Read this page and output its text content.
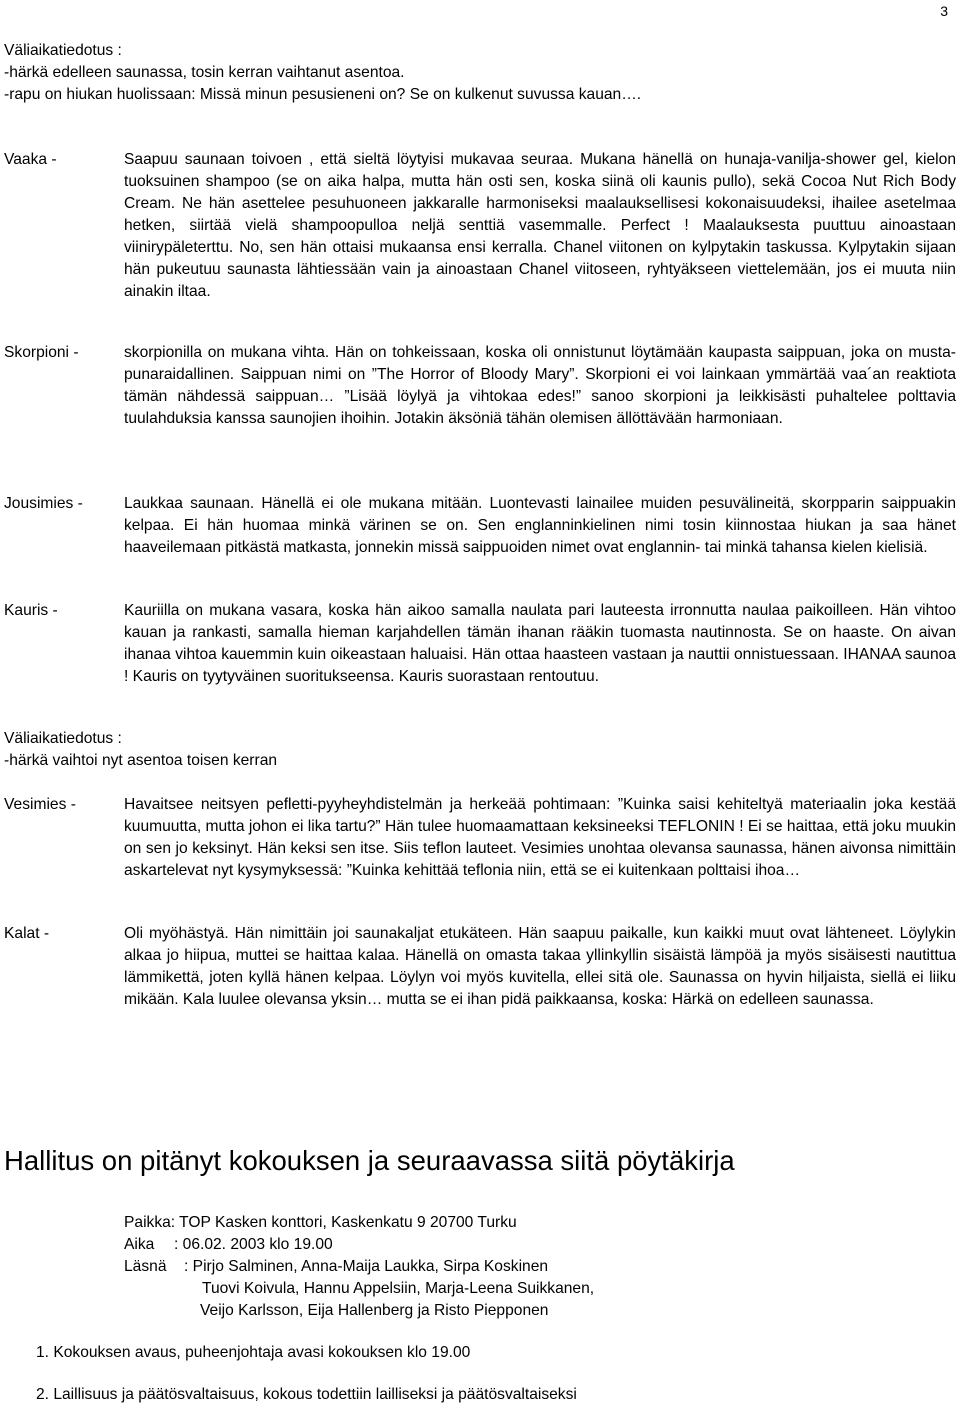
3

Väliaikatiedotus :

-härkä edelleen saunassa, tosin kerran vaihtanut asentoa.

-rapu on hiukan huolissaan: Missä minun pesusieneni on? Se on kulkenut suvussa kauan….

Vaaka -	Saapuu saunaan toivoen , että sieltä löytyisi mukavaa seuraa. Mukana hänellä on hunaja-vanilja-shower gel, kielon tuoksuinen shampoo (se on aika halpa, mutta hän osti sen, koska siinä oli kaunis pullo), sekä Cocoa Nut Rich Body Cream. Ne hän asettelee pesuhuoneen jakkaralle harmoniseksi maalauksellisesi kokonaisuudeksi, ihailee asetelmaa hetken, siirtää vielä shampoopulloa neljä senttiä vasemmalle. Perfect ! Maalauksesta puuttuu ainoastaan viinirypäleterttu. No, sen hän ottaisi mukaansa ensi kerralla. Chanel viitonen on kylpytakin taskussa. Kylpytakin sijaan hän pukeutuu saunasta lähtiessään vain ja ainoastaan Chanel viitoseen, ryhtyäkseen viettelemään, jos ei muuta niin ainakin iltaa.
Skorpioni -	skorpionilla on mukana vihta. Hän on tohkeissaan, koska oli onnistunut löytämään kaupasta saippuan, joka on musta-punaraidallinen. Saippuan nimi on ”The Horror of Bloody Mary”. Skorpioni ei voi lainkaan ymmärtää vaa´an reaktiota tämän nähdessä saippuan… ”Lisää löylyä ja vihtokaa edes!” sanoo skorpioni ja leikkisästi puhaltelee polttavia tuulahduksia kanssa saunojien ihoihin. Jotakin äksöniä tähän olemisen ällöttävään harmoniaan.
Jousimies -	Laukkaa saunaan. Hänellä ei ole mukana mitään. Luontevasti lainailee muiden pesuvälineitä, skorpparin saippuakin kelpaa. Ei hän huomaa minkä värinen se on. Sen englanninkielinen nimi tosin kiinnostaa hiukan ja saa hänet haaveilemaan pitkästä matkasta, jonnekin missä saippuoiden nimet ovat englannin- tai minkä tahansa kielen kielisiä.
Kauris -	Kauriilla on mukana vasara, koska hän aikoo samalla naulata pari lauteesta irronnutta naulaa paikoilleen. Hän vihtoo kauan ja rankasti, samalla hieman karjahdellen tämän ihanan rääkin tuomasta nautinnosta. Se on haaste. On aivan ihanaa vihtoa kauemmin kuin oikeastaan haluaisi. Hän ottaa haasteen vastaan ja nauttii onnistuessaan. IHANAA saunoa ! Kauris on tyytyväinen suoritukseensa. Kauris suorastaan rentoutuu.

Väliaikatiedotus :

-härkä vaihtoi nyt asentoa toisen kerran

Vesimies -	Havaitsee neitsyen pefletti-pyyheyhdistelmän ja herkeää pohtimaan: ”Kuinka saisi kehiteltyä materiaalin joka kestää kuumuutta, mutta johon ei lika tartu?” Hän tulee huomaamattaan keksineeksi TEFLONIN ! Ei se haittaa, että joku muukin on sen jo keksinyt. Hän keksi sen itse. Siis teflon lauteet. Vesimies unohtaa olevansa saunassa, hänen aivonsa nimittäin askartelevat nyt kysymyksessä: ”Kuinka kehittää teflonia niin, että se ei kuitenkaan polttaisi ihoa…
Kalat -	Oli myöhästyä. Hän nimittäin joi saunakaljat etukäteen. Hän saapuu paikalle, kun kaikki muut ovat lähteneet. Löylykin alkaa jo hiipua, muttei se haittaa kalaa. Hänellä on omasta takaa yllinkyllin sisäistä lämpöä ja myös sisäisesti nautittua lämmikettä, joten kyllä hänen kelpaa. Löylyn voi myös kuvitella, ellei sitä ole. Saunassa on hyvin hiljaista, siellä ei liiku mikään. Kala luulee olevansa yksin… mutta se ei ihan pidä paikkaansa, koska: Härkä on edelleen saunassa.
Hallitus on pitänyt kokouksen ja seuraavassa siitä pöytäkirja
Paikka: TOP Kasken konttori, Kaskenkatu 9 20700 Turku
Aika : 06.02. 2003 klo 19.00
Läsnä : Pirjo Salminen, Anna-Maija Laukka, Sirpa Koskinen
Tuovi Koivula, Hannu Appelsiin, Marja-Leena Suikkanen,
Veijo Karlsson, Eija Hallenberg ja Risto Piepponen
1. Kokouksen avaus, puheenjohtaja avasi kokouksen klo 19.00
2. Laillisuus ja päätösvaltaisuus, kokous todettiin lailliseksi ja päätösvaltaiseksi
